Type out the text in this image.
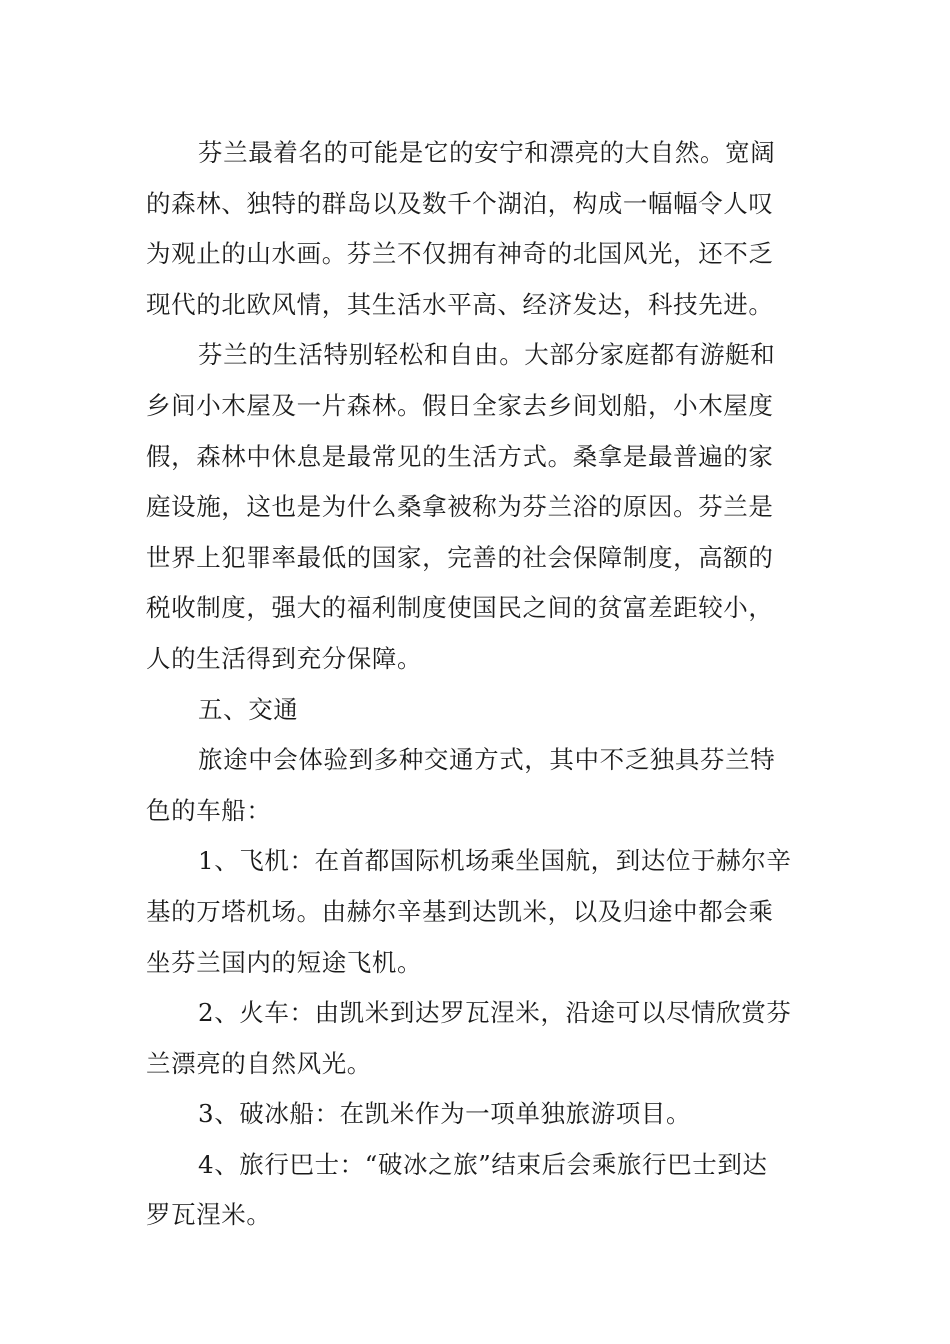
芬兰最着名的可能是它的安宁和漂亮的大自然。宽阔
的森林、独特的群岛以及数千个湖泊，构成一幅幅令人叹
为观止的山水画。芬兰不仅拥有神奇的北国风光，还不乏
现代的北欧风情，其生活水平高、经济发达，科技先进。
芬兰的生活特别轻松和自由。大部分家庭都有游艇和
乡间小木屋及一片森林。假日全家去乡间划船，小木屋度
假，森林中休息是最常见的生活方式。桑拿是最普遍的家
庭设施，这也是为什么桑拿被称为芬兰浴的原因。芬兰是
世界上犯罪率最低的国家，完善的社会保障制度，高额的
税收制度，强大的福利制度使国民之间的贫富差距较小，
人的生活得到充分保障。
五、交通
旅途中会体验到多种交通方式，其中不乏独具芬兰特
色的车船：
1、飞机：在首都国际机场乘坐国航，到达位于赫尔辛
基的万塔机场。由赫尔辛基到达凯米，以及归途中都会乘
坐芬兰国内的短途飞机。
2、火车：由凯米到达罗瓦涅米，沿途可以尽情欣赏芬
兰漂亮的自然风光。
3、破冰船：在凯米作为一项单独旅游项目。
4、旅行巴士：“破冰之旅”结束后会乘旅行巴士到达
罗瓦涅米。
